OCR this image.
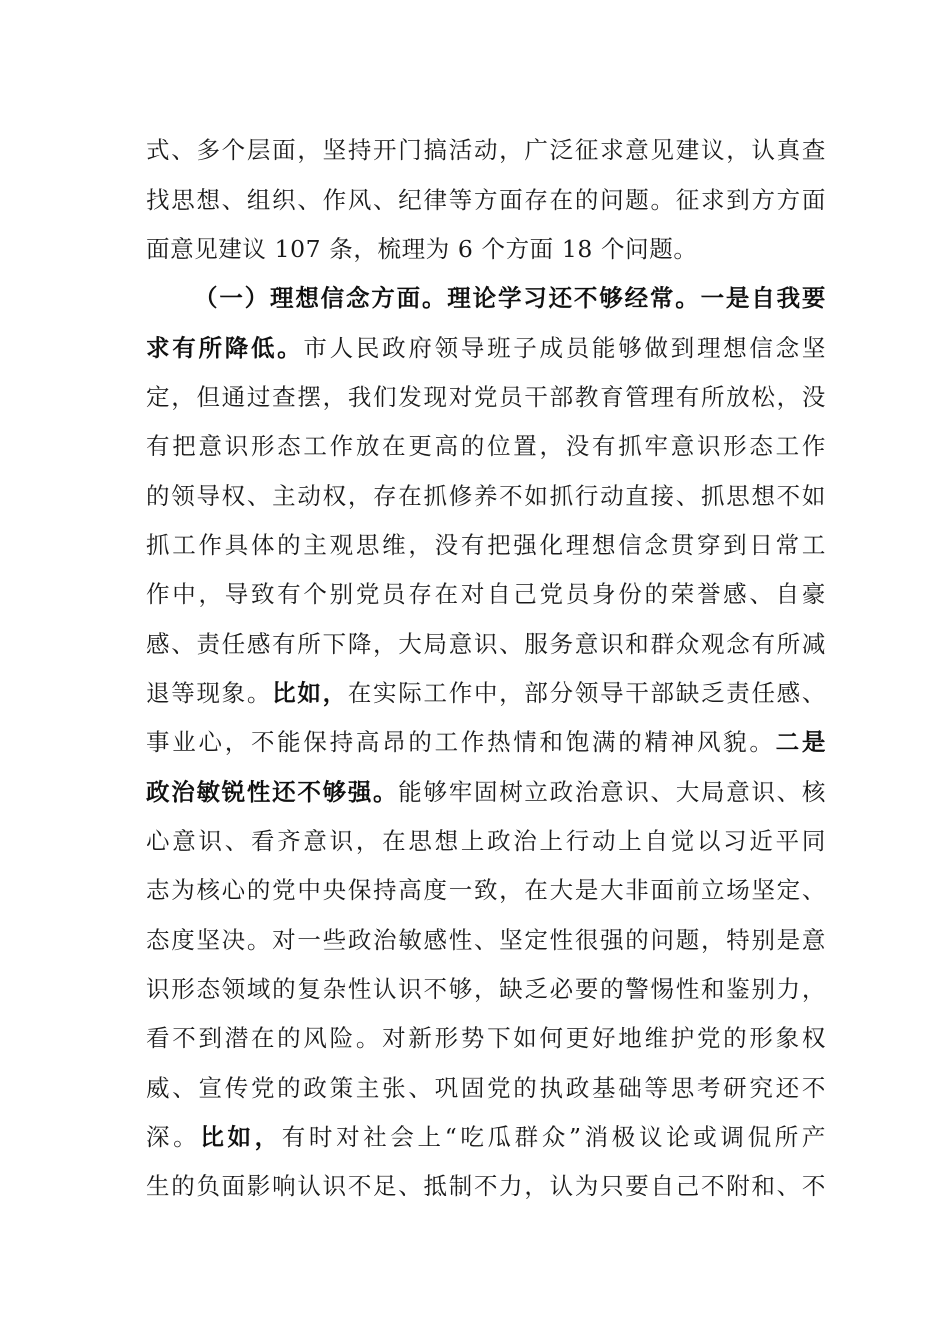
式、多个层面，坚持开门搞活动，广泛征求意见建议，认真查
找思想、组织、作风、纪律等方面存在的问题。征求到方方面
面意见建议 107 条，梳理为 6 个方面 18 个问题。
（一）理想信念方面。理论学习还不够经常。一是自我要
求有所降低。市人民政府领导班子成员能够做到理想信念坚
定，但通过查摆，我们发现对党员干部教育管理有所放松，没
有把意识形态工作放在更高的位置，没有抓牢意识形态工作
的领导权、主动权，存在抓修养不如抓行动直接、抓思想不如
抓工作具体的主观思维，没有把强化理想信念贯穿到日常工
作中，导致有个别党员存在对自己党员身份的荣誉感、自豪
感、责任感有所下降，大局意识、服务意识和群众观念有所减
退等现象。比如，在实际工作中，部分领导干部缺乏责任感、
事业心，不能保持高昂的工作热情和饱满的精神风貌。二是
政治敏锐性还不够强。能够牢固树立政治意识、大局意识、核
心意识、看齐意识，在思想上政治上行动上自觉以习近平同
志为核心的党中央保持高度一致，在大是大非面前立场坚定、
态度坚决。对一些政治敏感性、坚定性很强的问题，特别是意
识形态领域的复杂性认识不够，缺乏必要的警惕性和鉴别力，
看不到潜在的风险。对新形势下如何更好地维护党的形象权
威、宣传党的政策主张、巩固党的执政基础等思考研究还不
深。比如，有时对社会上“吃瓜群众”消极议论或调侃所产
生的负面影响认识不足、抵制不力，认为只要自己不附和、不
